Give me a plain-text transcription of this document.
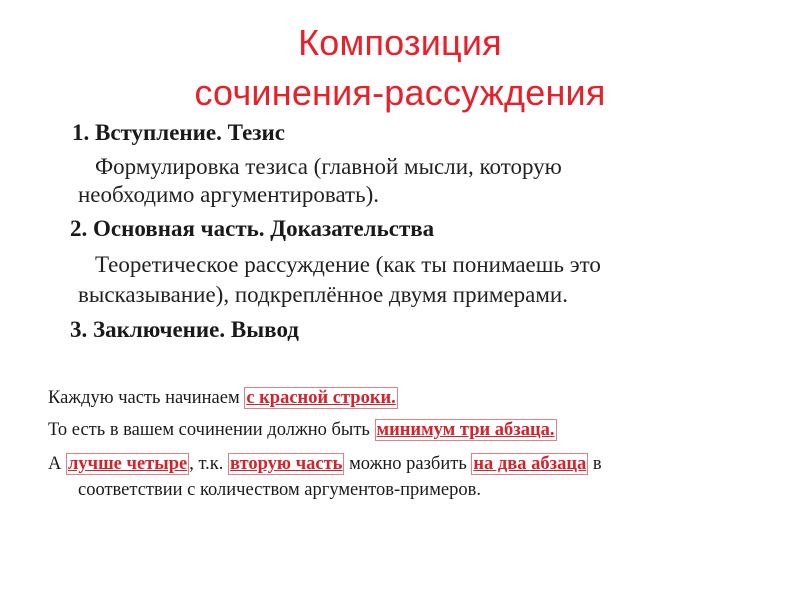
Композиция
сочинения-рассуждения
1. Вступление. Тезис
Формулировка тезиса (главной мысли, которую
необходимо аргументировать).
2. Основная часть. Доказательства
Теоретическое рассуждение (как ты понимаешь это
высказывание), подкреплённое двумя примерами.
3. Заключение. Вывод
Каждую часть начинаем с красной строки.
То есть в вашем сочинении должно быть минимум три абзаца.
А лучше четыре , т.к. вторую часть можно разбить на два абзаца в
соответствии с количеством аргументов-примеров.
